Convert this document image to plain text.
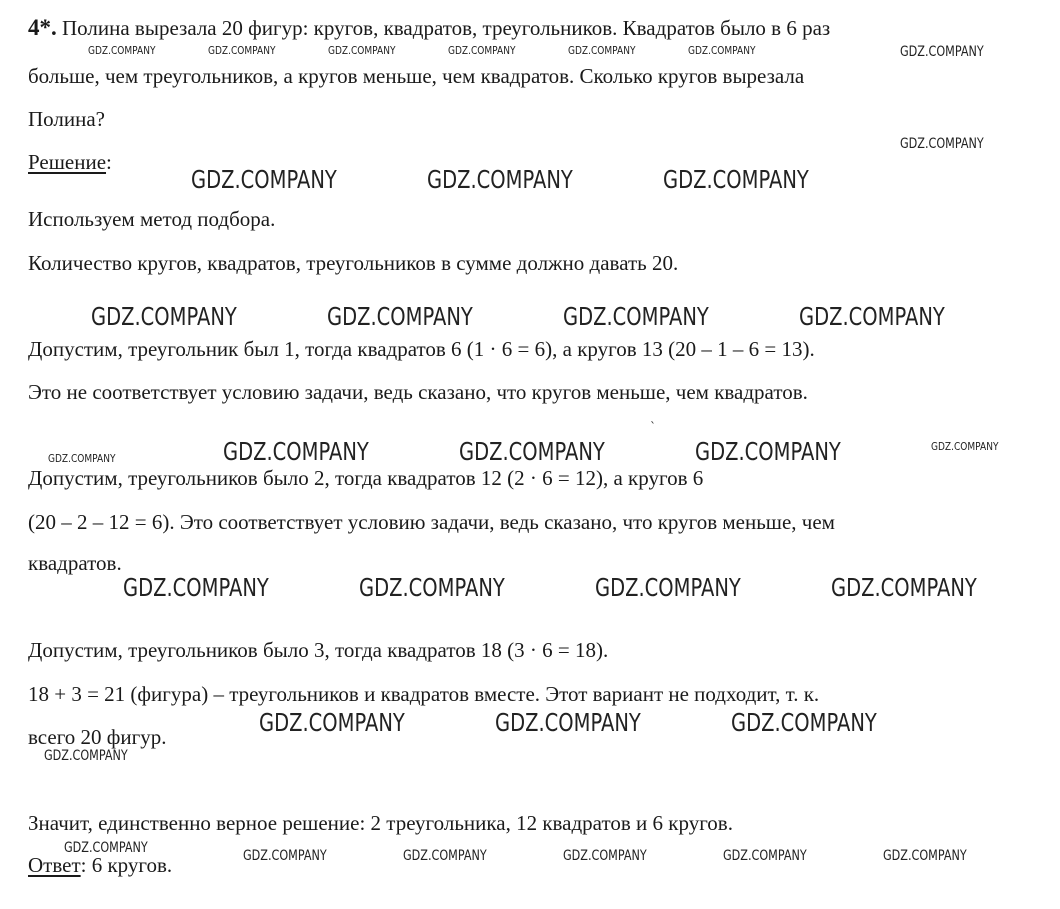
4*. Полина вырезала 20 фигур: кругов, квадратов, треугольников. Квадратов было в 6 раз
больше, чем треугольников, а кругов меньше, чем квадратов. Сколько кругов вырезала
Полина?
Решение:
Используем метод подбора.
Количество кругов, квадратов, треугольников в сумме должно давать 20.
Допустим, треугольник был 1, тогда квадратов 6 (1 · 6 = 6), а кругов 13 (20 – 1 – 6 = 13).
Это не соответствует условию задачи, ведь сказано, что кругов меньше, чем квадратов.
Допустим, треугольников было 2, тогда квадратов 12 (2 · 6 = 12), а кругов 6
(20 – 2 – 12 = 6). Это соответствует условию задачи, ведь сказано, что кругов меньше, чем
квадратов.
Допустим, треугольников было 3, тогда квадратов 18 (3 · 6 = 18).
18 + 3 = 21 (фигура) – треугольников и квадратов вместе. Этот вариант не подходит, т. к.
всего 20 фигур.
Значит, единственно верное решение: 2 треугольника, 12 квадратов и 6 кругов.
Ответ: 6 кругов.
ˋ
GDZ.COMPANY	GDZ.COMPANY	GDZ.COMPANY	GDZ.COMPANY	GDZ.COMPANY	GDZ.COMPANY	GDZ.COMPANY
GDZ.COMPANY
GDZ.COMPANY	GDZ.COMPANY	GDZ.COMPANY
GDZ.COMPANY	GDZ.COMPANY	GDZ.COMPANY	GDZ.COMPANY
GDZ.COMPANY	GDZ.COMPANY	GDZ.COMPANY	GDZ.COMPANY	GDZ.COMPANY
GDZ.COMPANY	GDZ.COMPANY	GDZ.COMPANY	GDZ.COMPANY
GDZ.COMPANY	GDZ.COMPANY	GDZ.COMPANY
GDZ.COMPANY
GDZ.COMPANY	GDZ.COMPANY	GDZ.COMPANY	GDZ.COMPANY	GDZ.COMPANY	GDZ.COMPANY
